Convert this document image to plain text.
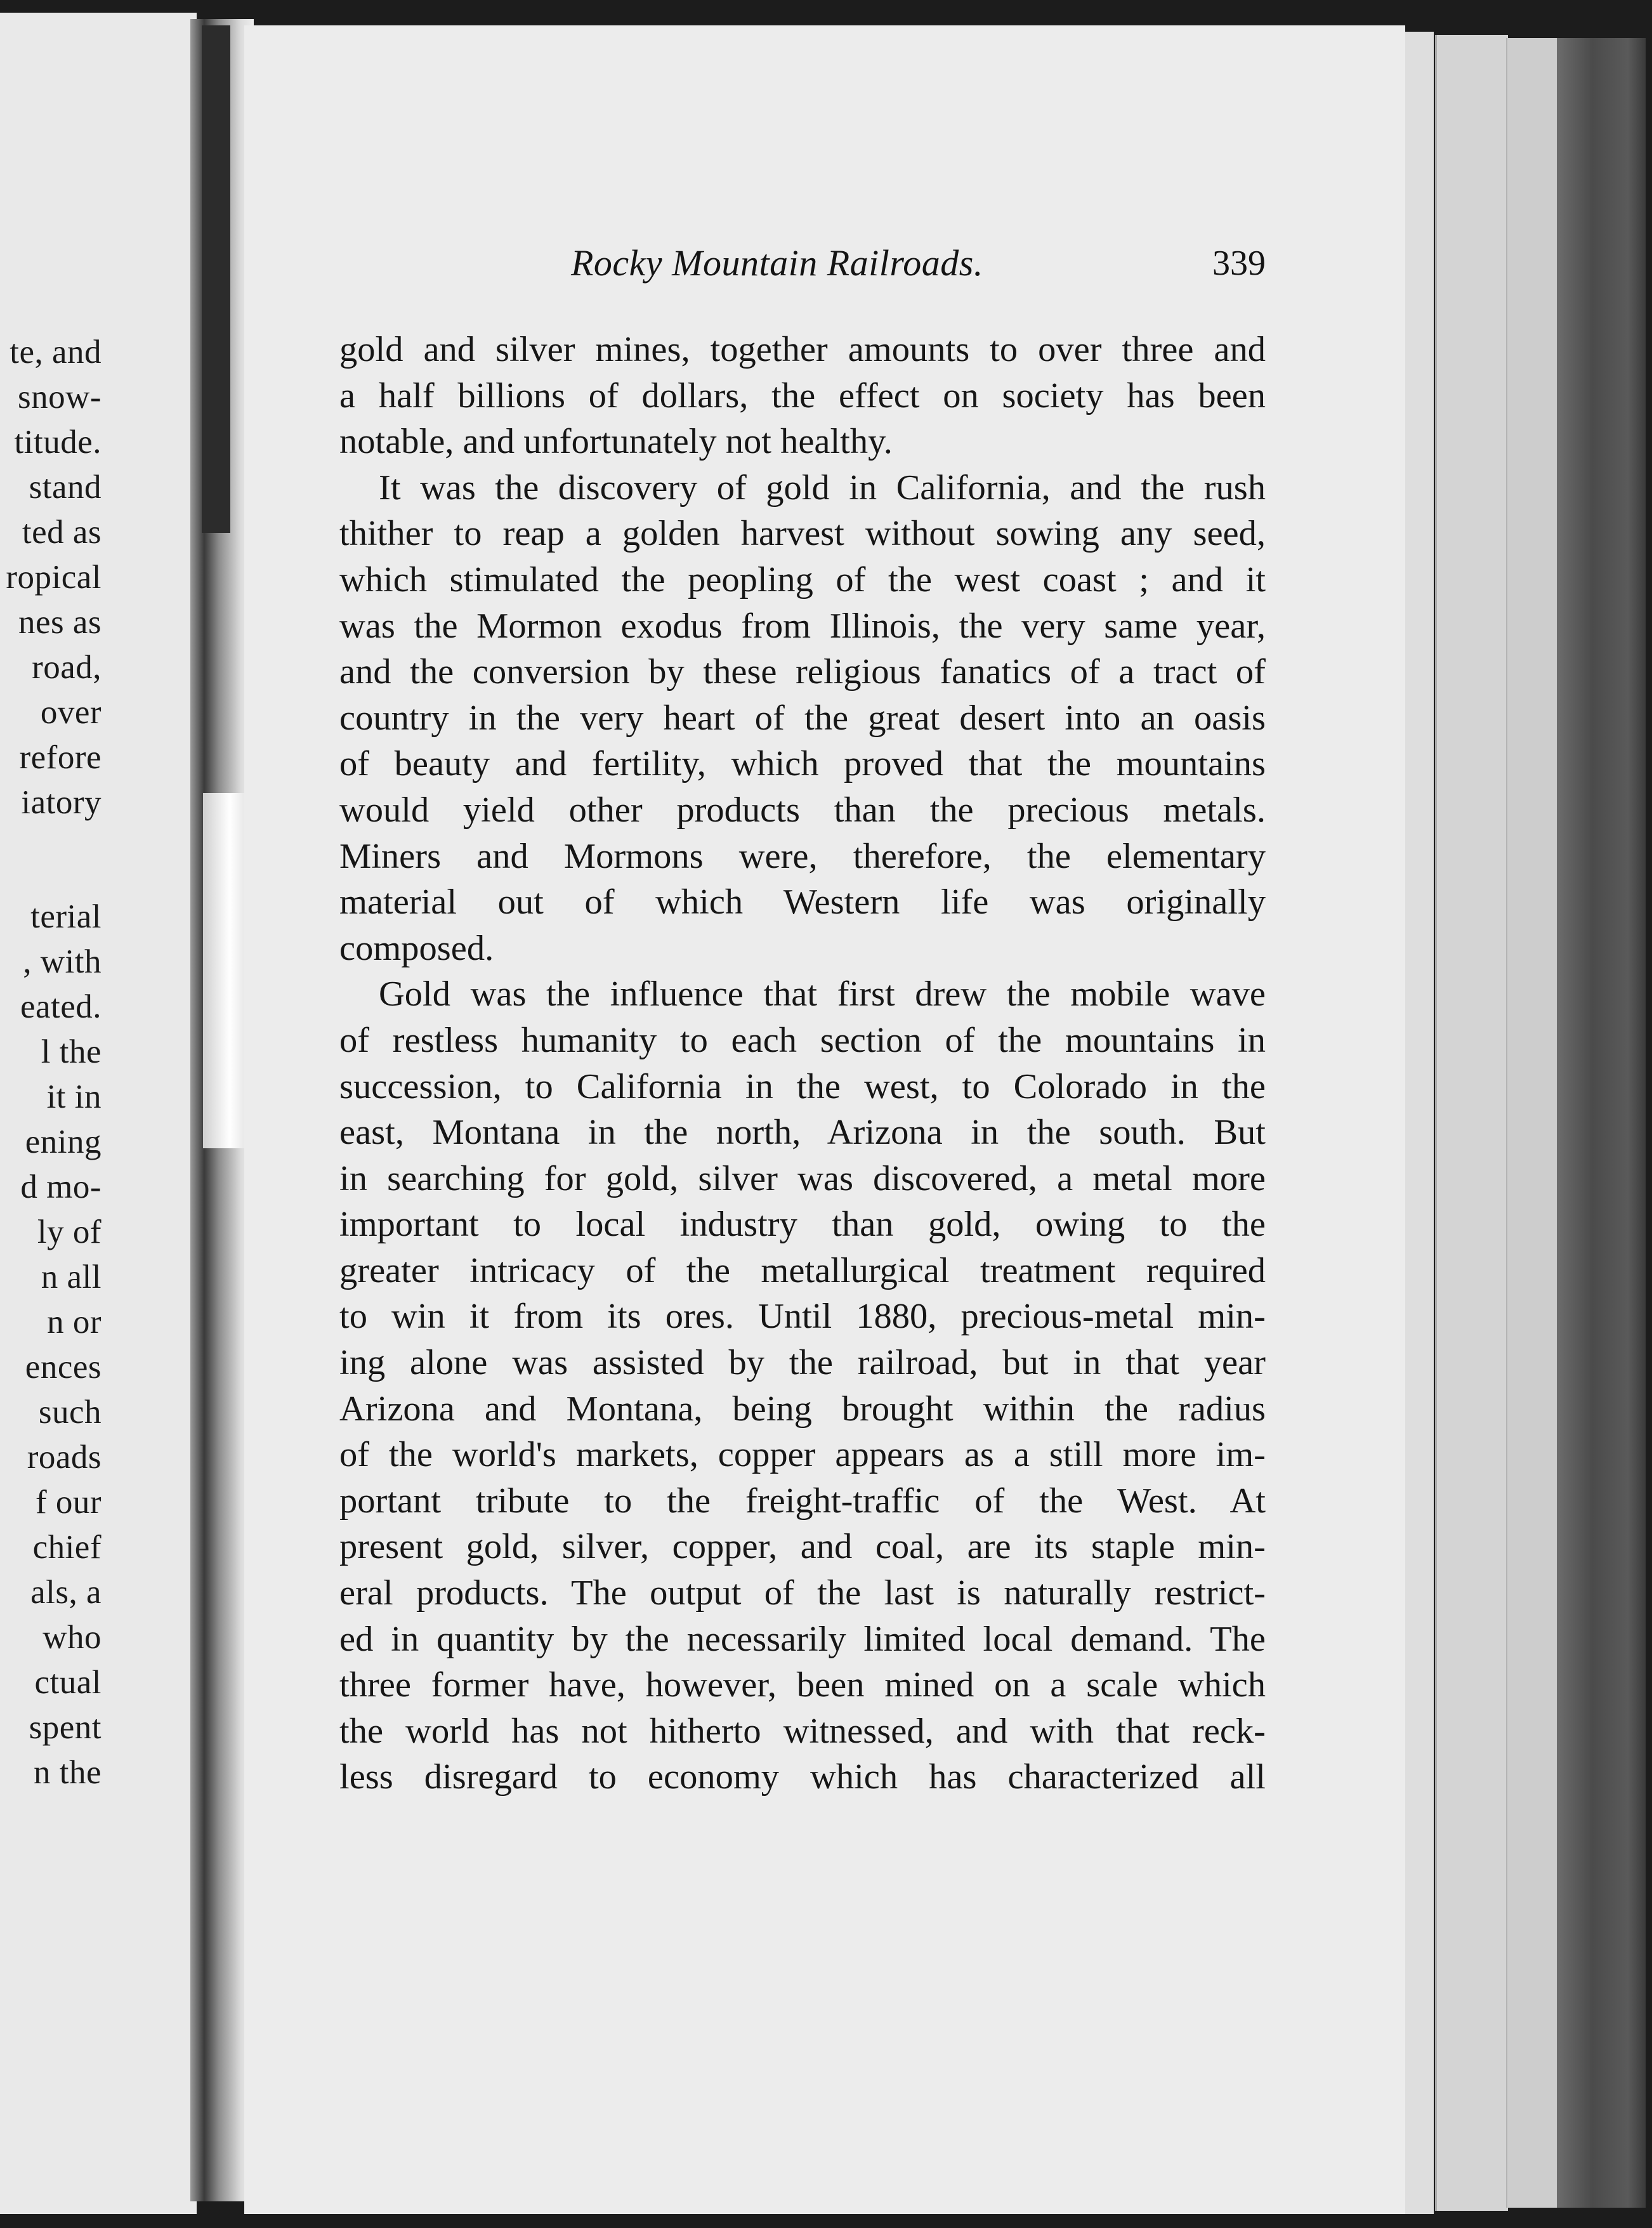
te, and
snow-
titude.
stand
ted as
ropical
nes as
road,
over
refore
iatory
terial
, with
eated.
l the
it in
ening
d mo-
ly of
n all
n or
ences
such
roads
f our
chief
als, a
who
ctual
spent
n the
Rocky Mountain Railroads.	339
gold and silver mines, together amounts to over three and
a half billions of dollars, the effect on society has been
notable, and unfortunately not healthy.
It was the discovery of gold in California, and the rush
thither to reap a golden harvest without sowing any seed,
which stimulated the peopling of the west coast ; and it
was the Mormon exodus from Illinois, the very same year,
and the conversion by these religious fanatics of a tract of
country in the very heart of the great desert into an oasis
of beauty and fertility, which proved that the mountains
would yield other products than the precious metals.
Miners and Mormons were, therefore, the elementary
material out of which Western life was originally
composed.
Gold was the influence that first drew the mobile wave
of restless humanity to each section of the mountains in
succession, to California in the west, to Colorado in the
east, Montana in the north, Arizona in the south. But
in searching for gold, silver was discovered, a metal more
important to local industry than gold, owing to the
greater intricacy of the metallurgical treatment required
to win it from its ores. Until 1880, precious-metal min-
ing alone was assisted by the railroad, but in that year
Arizona and Montana, being brought within the radius
of the world's markets, copper appears as a still more im-
portant tribute to the freight-traffic of the West. At
present gold, silver, copper, and coal, are its staple min-
eral products. The output of the last is naturally restrict-
ed in quantity by the necessarily limited local demand. The
three former have, however, been mined on a scale which
the world has not hitherto witnessed, and with that reck-
less disregard to economy which has characterized all
